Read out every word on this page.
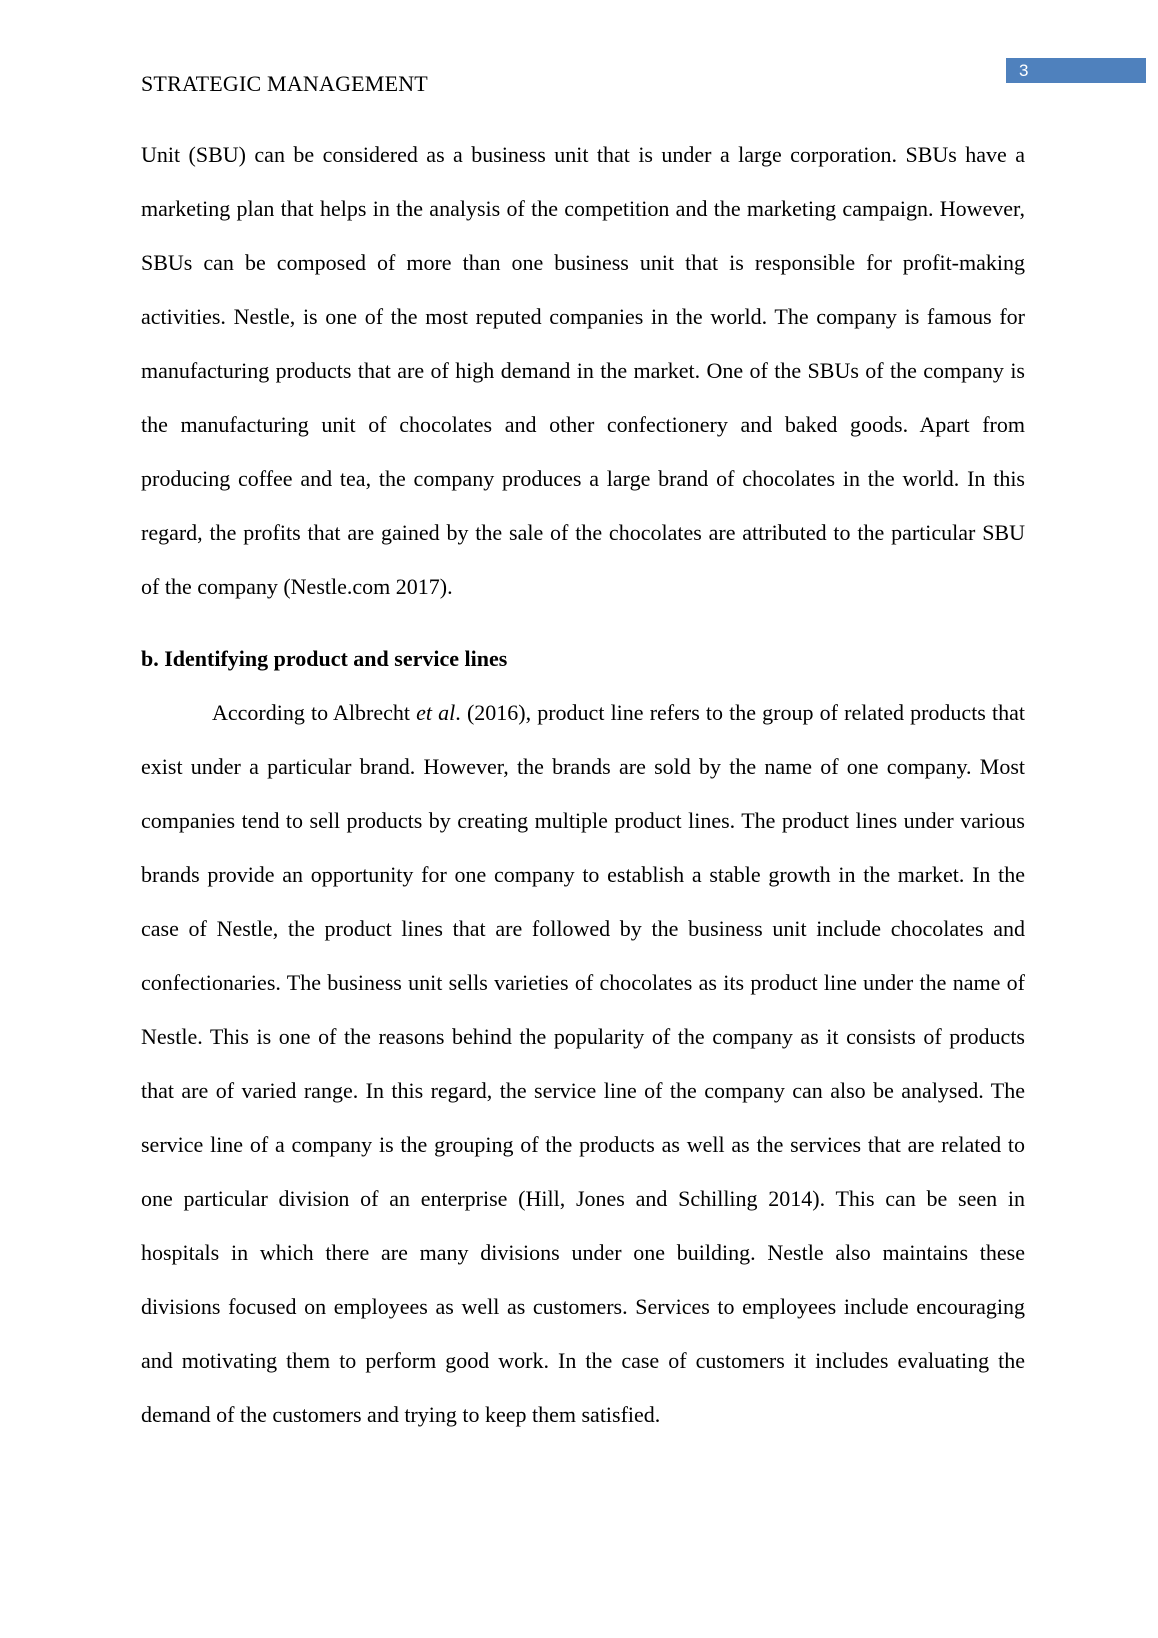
3
STRATEGIC MANAGEMENT

Unit (SBU) can be considered as a business unit that is under a large corporation. SBUs have a marketing plan that helps in the analysis of the competition and the marketing campaign. However, SBUs can be composed of more than one business unit that is responsible for profit-making activities. Nestle, is one of the most reputed companies in the world. The company is famous for manufacturing products that are of high demand in the market. One of the SBUs of the company is the manufacturing unit of chocolates and other confectionery and baked goods. Apart from producing coffee and tea, the company produces a large brand of chocolates in the world. In this regard, the profits that are gained by the sale of the chocolates are attributed to the particular SBU of the company (Nestle.com 2017).

b. Identifying product and service lines

According to Albrecht et al. (2016), product line refers to the group of related products that exist under a particular brand. However, the brands are sold by the name of one company. Most companies tend to sell products by creating multiple product lines. The product lines under various brands provide an opportunity for one company to establish a stable growth in the market. In the case of Nestle, the product lines that are followed by the business unit include chocolates and confectionaries. The business unit sells varieties of chocolates as its product line under the name of Nestle. This is one of the reasons behind the popularity of the company as it consists of products that are of varied range. In this regard, the service line of the company can also be analysed. The service line of a company is the grouping of the products as well as the services that are related to one particular division of an enterprise (Hill, Jones and Schilling 2014). This can be seen in hospitals in which there are many divisions under one building. Nestle also maintains these divisions focused on employees as well as customers. Services to employees include encouraging and motivating them to perform good work. In the case of customers it includes evaluating the demand of the customers and trying to keep them satisfied.
